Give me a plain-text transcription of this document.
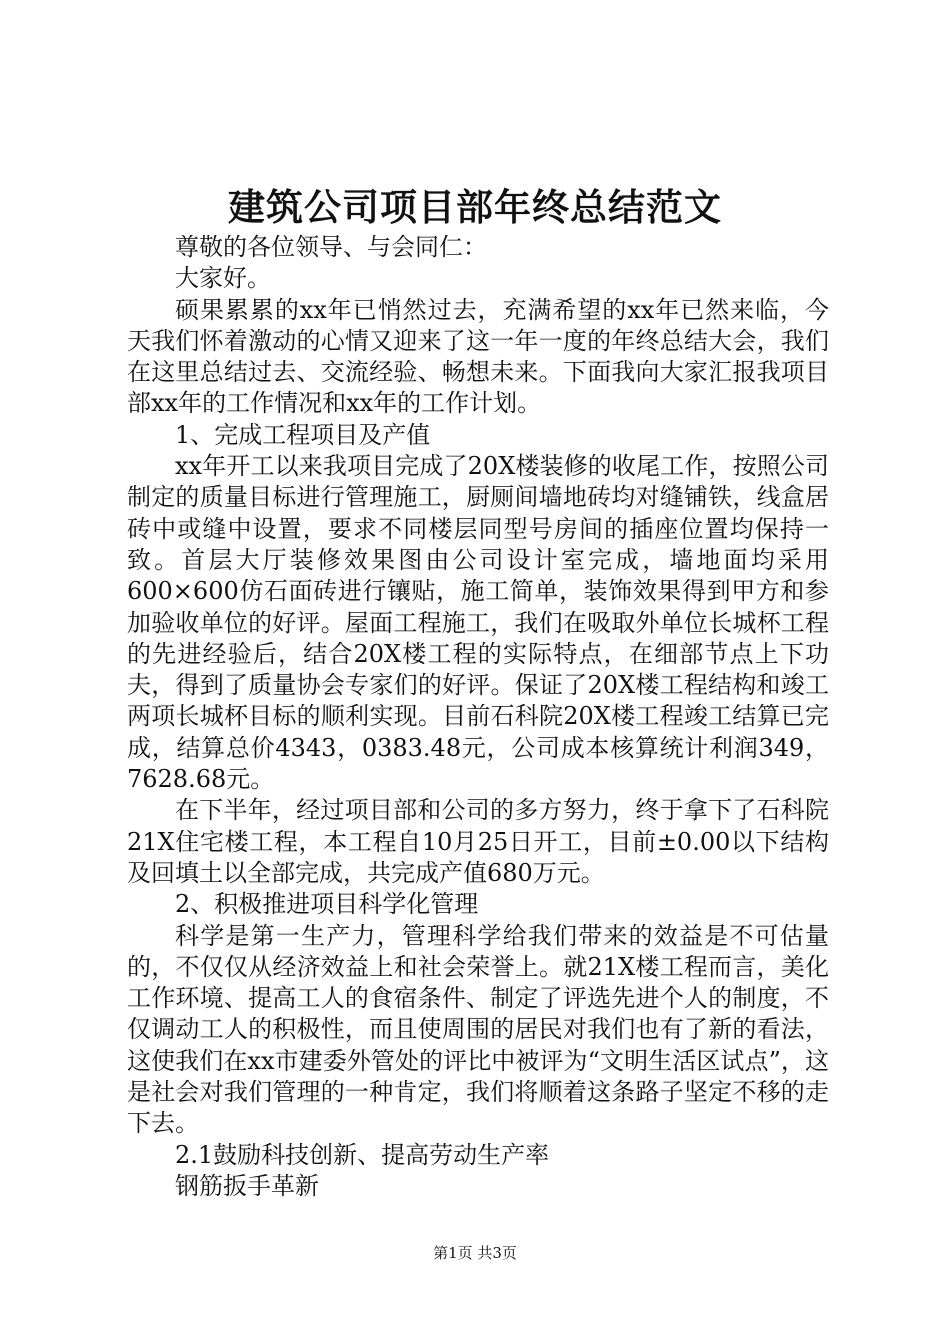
建筑公司项目部年终总结范文

尊敬的各位领导、与会同仁：

大家好。

硕果累累的xx年已悄然过去，充满希望的xx年已然来临，今天我们怀着激动的心情又迎来了这一年一度的年终总结大会，我们在这里总结过去、交流经验、畅想未来。下面我向大家汇报我项目部xx年的工作情况和xx年的工作计划。

1、完成工程项目及产值

xx年开工以来我项目完成了20X楼装修的收尾工作，按照公司制定的质量目标进行管理施工，厨厕间墙地砖均对缝铺铁，线盒居砖中或缝中设置，要求不同楼层同型号房间的插座位置均保持一致。首层大厅装修效果图由公司设计室完成，墙地面均采用600×600仿石面砖进行镶贴，施工简单，装饰效果得到甲方和参加验收单位的好评。屋面工程施工，我们在吸取外单位长城杯工程的先进经验后，结合20X楼工程的实际特点，在细部节点上下功夫，得到了质量协会专家们的好评。保证了20X楼工程结构和竣工两项长城杯目标的顺利实现。目前石科院20X楼工程竣工结算已完成，结算总价4343，0383.48元，公司成本核算统计利润349，7628.68元。

在下半年，经过项目部和公司的多方努力，终于拿下了石科院21X住宅楼工程，本工程自10月25日开工，目前±0.00以下结构及回填土以全部完成，共完成产值680万元。

2、积极推进项目科学化管理

科学是第一生产力，管理科学给我们带来的效益是不可估量的，不仅仅从经济效益上和社会荣誉上。就21X楼工程而言，美化工作环境、提高工人的食宿条件、制定了评选先进个人的制度，不仅调动工人的积极性，而且使周围的居民对我们也有了新的看法，这使我们在xx市建委外管处的评比中被评为“文明生活区试点”，这是社会对我们管理的一种肯定，我们将顺着这条路子坚定不移的走下去。

2.1鼓励科技创新、提高劳动生产率

钢筋扳手革新

第1页 共3页
